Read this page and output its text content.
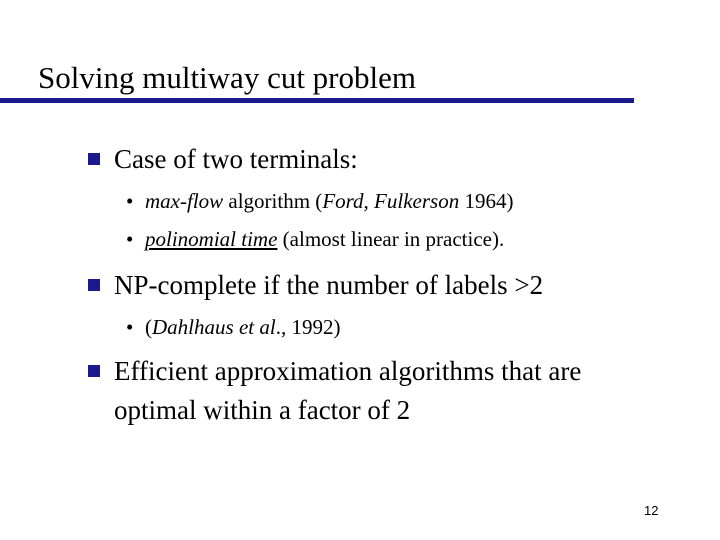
Solving multiway cut problem
Case of two terminals:
• max-flow algorithm (Ford, Fulkerson 1964)
• polinomial time (almost linear in practice).
NP-complete if the number of labels >2
• (Dahlhaus et al., 1992)
Efficient approximation algorithms that are
optimal within a factor of 2
12
